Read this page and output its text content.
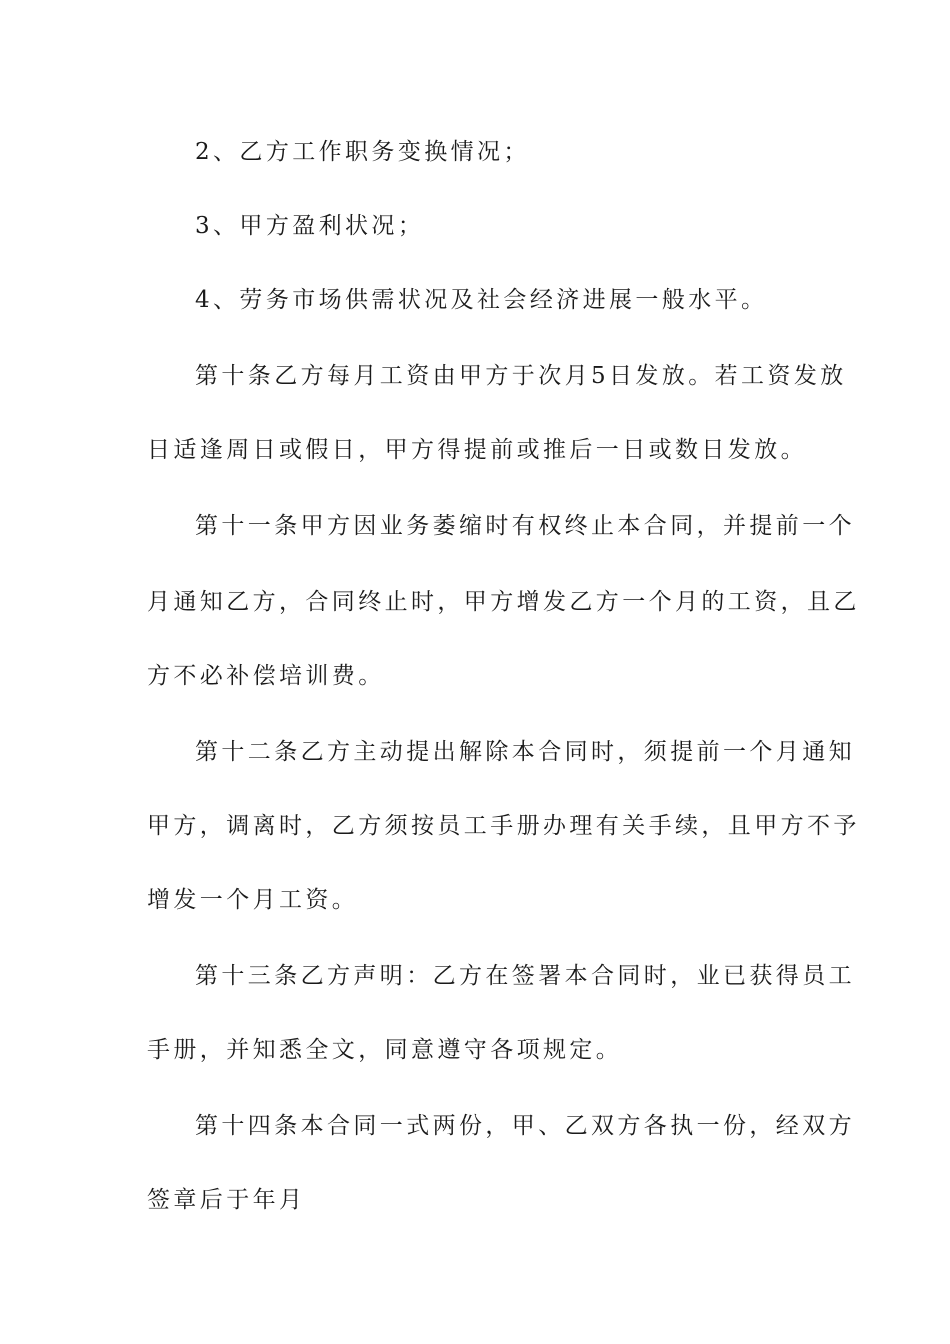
2、乙方工作职务变换情况；
3、甲方盈利状况；
4、劳务市场供需状况及社会经济进展一般水平。
第十条乙方每月工资由甲方于次月5日发放。若工资发放
日适逢周日或假日，甲方得提前或推后一日或数日发放。
第十一条甲方因业务萎缩时有权终止本合同，并提前一个
月通知乙方，合同终止时，甲方增发乙方一个月的工资，且乙
方不必补偿培训费。
第十二条乙方主动提出解除本合同时，须提前一个月通知
甲方，调离时，乙方须按员工手册办理有关手续，且甲方不予
增发一个月工资。
第十三条乙方声明：乙方在签署本合同时，业已获得员工
手册，并知悉全文，同意遵守各项规定。
第十四条本合同一式两份，甲、乙双方各执一份，经双方
签章后于年月
